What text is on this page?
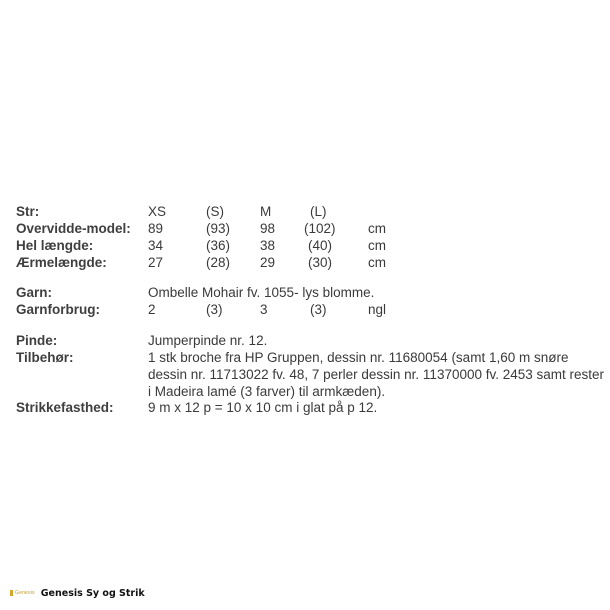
Str:	XS	(S)	M	(L)
Overvidde-model: 89	(93) 98 (102) cm
Hel længde:	34	(36) 38 (40)	cm
Ærmelængde:	27	(28) 29 (30)	cm
Garn:	Ombelle Mohair fv. 1055- lys blomme.
Garnforbrug:	2	(3)	3	(3)	ngl
Pinde:	Jumperpinde nr. 12.
Tilbehør:	1 stk broche fra HP Gruppen, dessin nr. 11680054 (samt 1,60 m snøre
dessin nr. 11713022 fv. 48, 7 perler dessin nr. 11370000 fv. 2453 samt rester
i Madeira lamé (3 farver) til armkæden).
Strikkefasthed:	9 m x 12 p = 10 x 10 cm i glat på p 12.
Genesis Genesis Sy og Strik
